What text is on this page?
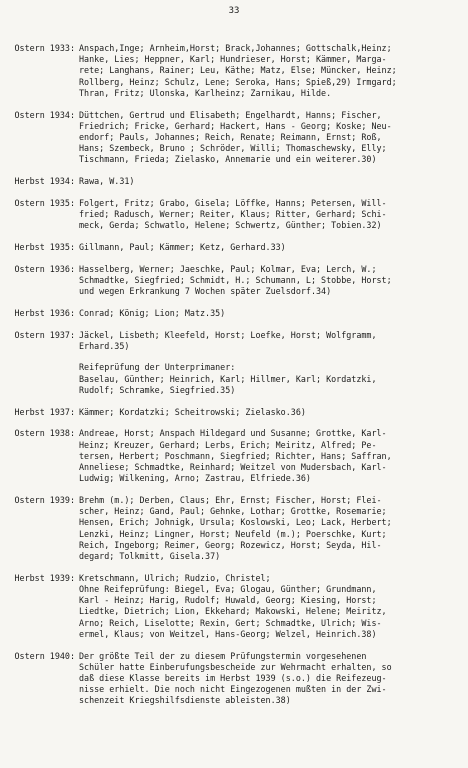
33
Ostern 1933: Anspach,Inge; Arnheim,Horst; Brack,Johannes; Gottschalk,Heinz;
Hanke, Lies; Heppner, Karl; Hundrieser, Horst; Kämmer, Marga-
rete; Langhans, Rainer; Leu, Käthe; Matz, Else; Müncker, Heinz;
Rollberg, Heinz; Schulz, Lene; Seroka, Hans; Spieß,29) Irmgard;
Thran, Fritz; Ulonska, Karlheinz; Zarnikau, Hilde.
Ostern 1934: Düttchen, Gertrud und Elisabeth; Engelhardt, Hanns; Fischer,
Friedrich; Fricke, Gerhard; Hackert, Hans - Georg; Koske; Neu-
endorf; Pauls, Johannes; Reich, Renate; Reimann, Ernst; Roß,
Hans; Szembeck, Bruno ; Schröder, Willi; Thomaschewsky, Elly;
Tischmann, Frieda; Zielasko, Annemarie und ein weiterer.30)
Herbst 1934: Rawa, W.31)
Ostern 1935: Folgert, Fritz; Grabo, Gisela; Löffke, Hanns; Petersen, Will-
fried; Radusch, Werner; Reiter, Klaus; Ritter, Gerhard; Schi-
meck, Gerda; Schwatlo, Helene; Schwertz, Günther; Tobien.32)
Herbst 1935: Gillmann, Paul; Kämmer; Ketz, Gerhard.33)
Ostern 1936: Hasselberg, Werner; Jaeschke, Paul; Kolmar, Eva; Lerch, W.;
Schmadtke, Siegfried; Schmidt, H.; Schumann, L; Stobbe, Horst;
und wegen Erkrankung 7 Wochen später Zuelsdorf.34)
Herbst 1936: Conrad; König; Lion; Matz.35)
Ostern 1937: Jäckel, Lisbeth; Kleefeld, Horst; Loefke, Horst; Wolfgramm,
Erhard.35)
Reifeprüfung der Unterprimaner:
Baselau, Günther; Heinrich, Karl; Hillmer, Karl; Kordatzki,
Rudolf; Schramke, Siegfried.35)
Herbst 1937: Kämmer; Kordatzki; Scheitrowski; Zielasko.36)
Ostern 1938: Andreae, Horst; Anspach Hildegard und Susanne; Grottke, Karl-
Heinz; Kreuzer, Gerhard; Lerbs, Erich; Meiritz, Alfred; Pe-
tersen, Herbert; Poschmann, Siegfried; Richter, Hans; Saffran,
Anneliese; Schmadtke, Reinhard; Weitzel von Mudersbach, Karl-
Ludwig; Wilkening, Arno; Zastrau, Elfriede.36)
Ostern 1939: Brehm (m.); Derben, Claus; Ehr, Ernst; Fischer, Horst; Flei-
scher, Heinz; Gand, Paul; Gehnke, Lothar; Grottke, Rosemarie;
Hensen, Erich; Johnigk, Ursula; Koslowski, Leo; Lack, Herbert;
Lenzki, Heinz; Lingner, Horst; Neufeld (m.); Poerschke, Kurt;
Reich, Ingeborg; Reimer, Georg; Rozewicz, Horst; Seyda, Hil-
degard; Tolkmitt, Gisela.37)
Herbst 1939: Kretschmann, Ulrich; Rudzio, Christel;
Ohne Reifeprüfung: Biegel, Eva; Glogau, Günther; Grundmann,
Karl - Heinz; Harig, Rudolf; Huwald, Georg; Kiesing, Horst;
Liedtke, Dietrich; Lion, Ekkehard; Makowski, Helene; Meiritz,
Arno; Reich, Liselotte; Rexin, Gert; Schmadtke, Ulrich; Wis-
ermel, Klaus; von Weitzel, Hans-Georg; Welzel, Heinrich.38)
Ostern 1940: Der größte Teil der zu diesem Prüfungstermin vorgesehenen
Schüler hatte Einberufungsbescheide zur Wehrmacht erhalten, so
daß diese Klasse bereits im Herbst 1939 (s.o.) die Reifezeug-
nisse erhielt. Die noch nicht Eingezogenen mußten in der Zwi-
schenzeit Kriegshilfsdienste ableisten.38)
